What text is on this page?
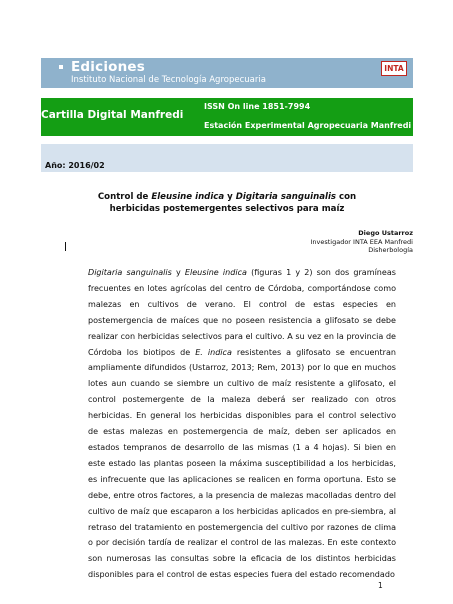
Ediciones
Instituto Nacional de Tecnología Agropecuaria
INTA
Cartilla Digital Manfredi
ISSN On line 1851-7994
Estación Experimental Agropecuaria Manfredi
Año: 2016/02
Control de Eleusine indica y Digitaria sanguinalis con
herbicidas postemergentes selectivos para maíz
Diego Ustarroz
Investigador INTA EEA Manfredi
Disherbología

Digitaria sanguinalis y Eleusine indica (figuras 1 y 2) son dos gramíneas frecuentes en lotes agrícolas del centro de Córdoba, comportándose como malezas en cultivos de verano. El control de estas especies en postemergencia de maíces que no poseen resistencia a glifosato se debe realizar con herbicidas selectivos para el cultivo. A su vez en la provincia de Córdoba los biotipos de E. indica resistentes a glifosato se encuentran ampliamente difundidos (Ustarroz, 2013; Rem, 2013) por lo que en muchos lotes aun cuando se siembre un cultivo de maíz resistente a glifosato, el control postemergente de la maleza deberá ser realizado con otros herbicidas. En general los herbicidas disponibles para el control selectivo de estas malezas en postemergencia de maíz, deben ser aplicados en estados tempranos de desarrollo de las mismas (1 a 4 hojas). Si bien en este estado las plantas poseen la máxima susceptibilidad a los herbicidas, es infrecuente que las aplicaciones se realicen en forma oportuna. Esto se debe, entre otros factores, a la presencia de malezas macolladas dentro del cultivo de maíz que escaparon a los herbicidas aplicados en pre-siembra, al retraso del tratamiento en postemergencia del cultivo por razones de clima o por decisión tardía de realizar el control de las malezas. En este contexto son numerosas las consultas sobre la eficacia de los distintos herbicidas disponibles para el control de estas especies fuera del estado recomendado

1
